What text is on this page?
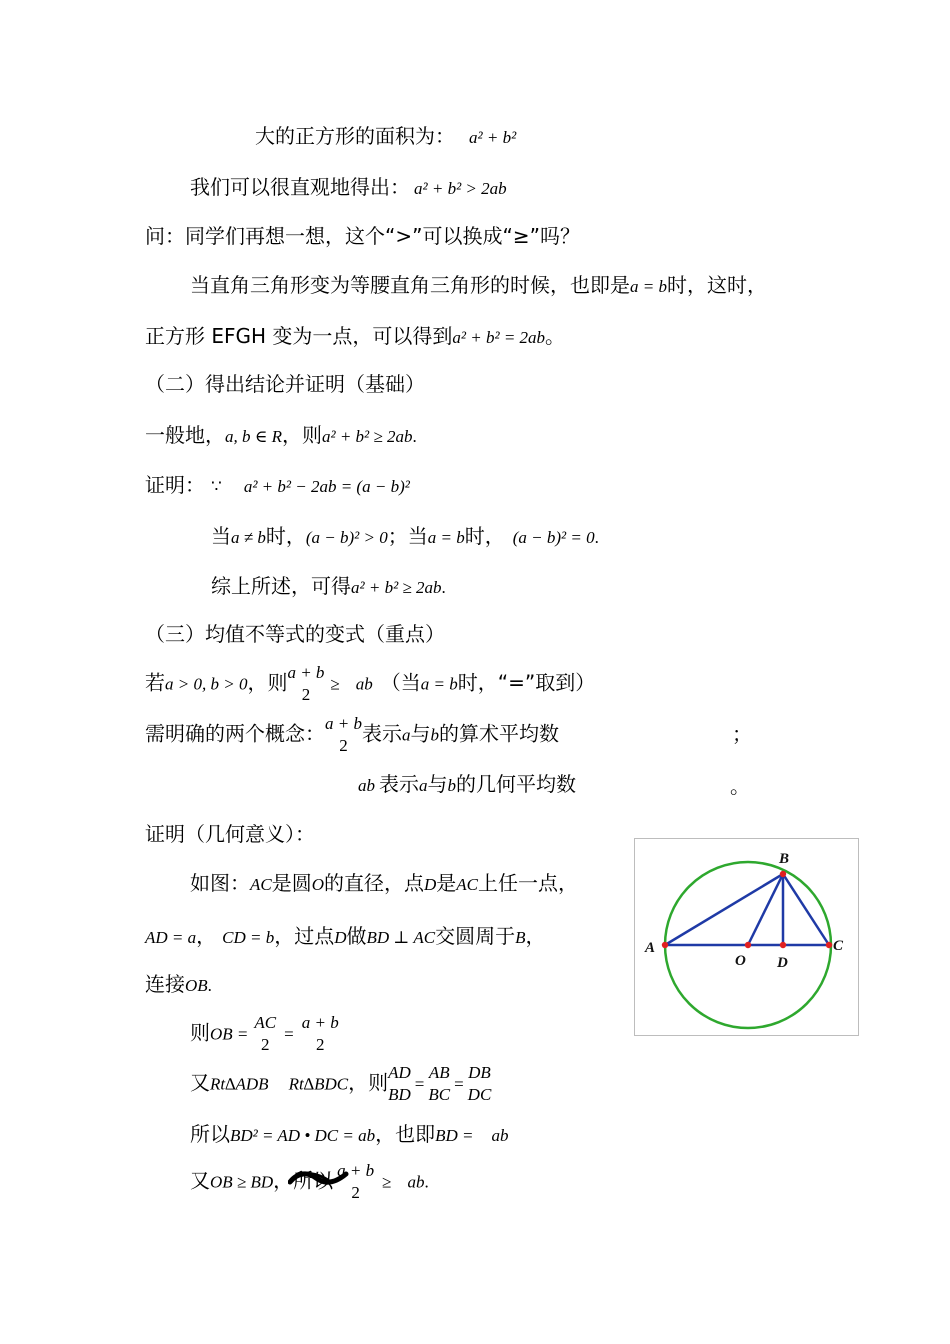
大的正方形的面积为： a² + b²
我们可以很直观地得出： a² + b² > 2ab
问：同学们再想一想，这个“>”可以换成“≥”吗？
当直角三角形变为等腰直角三角形的时候，也即是a = b时，这时，
正方形 EFGH 变为一点，可以得到a² + b² = 2ab。
（二）得出结论并证明（基础）
一般地，a, b ∈ R，则a² + b² ≥ 2ab.
证明： ∵ a² + b² − 2ab = (a − b)²
当a ≠ b时，(a − b)² > 0；当a = b时， (a − b)² = 0.
综上所述，可得a² + b² ≥ 2ab.
（三）均值不等式的变式（重点）
若a > 0, b > 0，则 a + b
2
≥ ab （当a = b时，“=”取到）
需明确的两个概念： a + b
2 表示a与b的算术平均数	；
ab 表示a与b的几何平均数	。
证明（几何意义）：
如图：AC是圆O的直径，点D是AC上任一点，
AD = a， CD = b，过点D做BD ⊥ AC交圆周于B，
连接OB.
则OB =
AC
2
=
a + b
2
又Rt∆ADB Rt∆BDC，则 AD
BD
=
AB
BC
=
DB
DC
所以BD² = AD • DC = ab，也即BD = ab
又OB ≥ BD，所以 a + b
2
≥ ab.
A
B
C
O D
